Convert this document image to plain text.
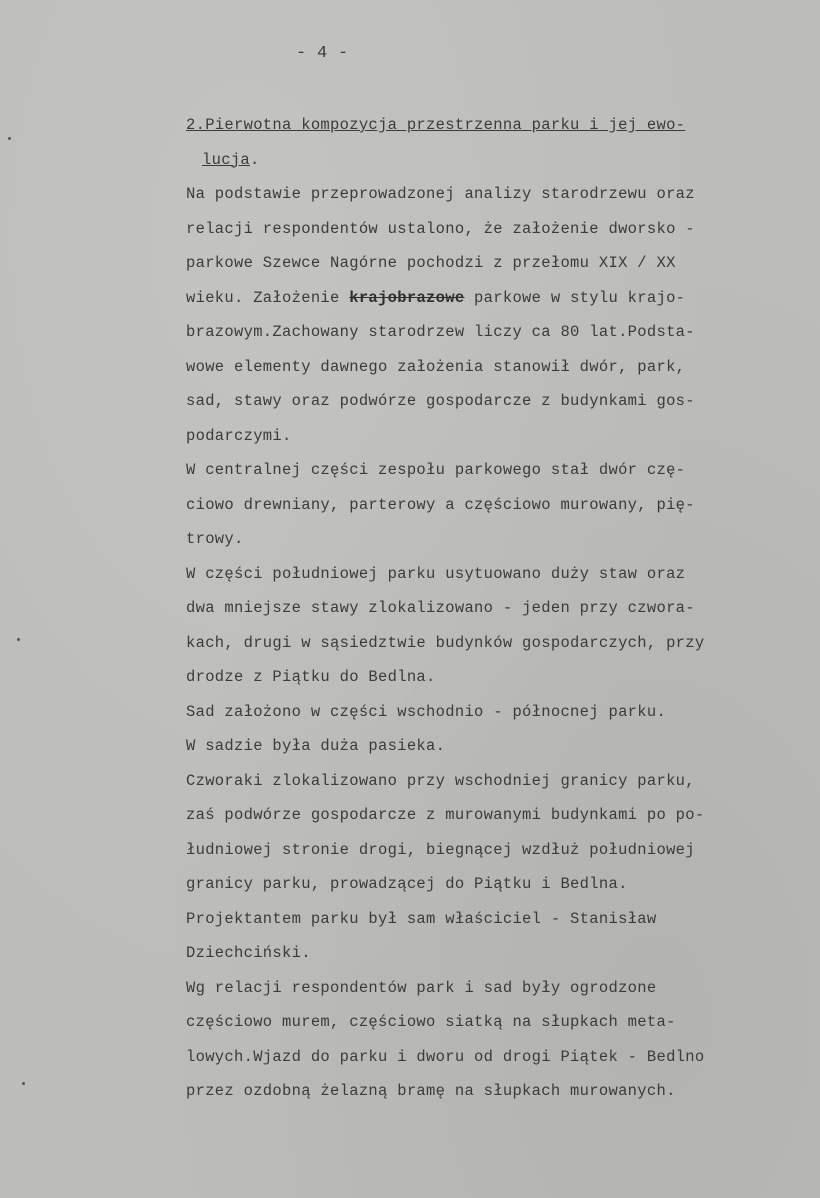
- 4 -
2.Pierwotna kompozycja przestrzenna parku i jej ewo-
lucja.
Na podstawie przeprowadzonej analizy starodrzewu oraz
relacji respondentów ustalono, że założenie dworsko -
parkowe Szewce Nagórne pochodzi z przełomu XIX / XX
wieku. Założenie krajobrazowe parkowe w stylu krajo-
brazowym.Zachowany starodrzew liczy ca 80 lat.Podsta-
wowe elementy dawnego założenia stanowił dwór, park,
sad, stawy oraz podwórze gospodarcze z budynkami gos-
podarczymi.
W centralnej części zespołu parkowego stał dwór czę-
ciowo drewniany, parterowy a częściowo murowany, pię-
trowy.
W części południowej parku usytuowano duży staw oraz
dwa mniejsze stawy zlokalizowano - jeden przy czwora-
kach, drugi w sąsiedztwie budynków gospodarczych, przy
drodze z Piątku do Bedlna.
Sad założono w części wschodnio - północnej parku.
W sadzie była duża pasieka.
Czworaki zlokalizowano przy wschodniej granicy parku,
zaś podwórze gospodarcze z murowanymi budynkami po po-
łudniowej stronie drogi, biegnącej wzdłuż południowej
granicy parku, prowadzącej do Piątku i Bedlna.
Projektantem parku był sam właściciel - Stanisław
Dziechciński.
Wg relacji respondentów park i sad były ogrodzone
częściowo murem, częściowo siatką na słupkach meta-
lowych.Wjazd do parku i dworu od drogi Piątek - Bedlno
przez ozdobną żelazną bramę na słupkach murowanych.
